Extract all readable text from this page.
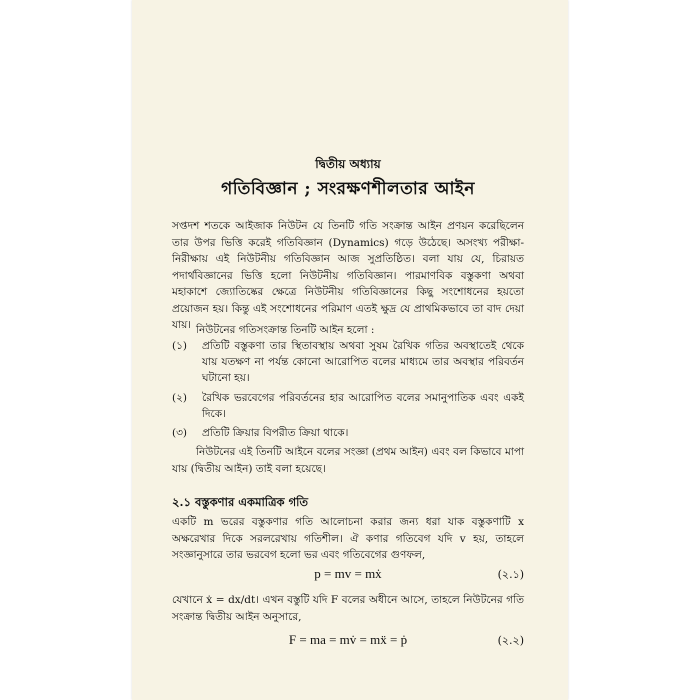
দ্বিতীয় অধ্যায়
গতিবিজ্ঞান ; সংরক্ষণশীলতার আইন
সপ্তদশ শতকে আইজাক নিউটন যে তিনটি গতি সংক্রান্ত আইন প্রণয়ন করেছিলেন তার উপর ভিত্তি করেই গতিবিজ্ঞান (Dynamics) গড়ে উঠেছে। অসংখ্য পরীক্ষা-নিরীক্ষায় এই নিউটনীয় গতিবিজ্ঞান আজ সুপ্রতিষ্ঠিত। বলা যায় যে, চিরায়ত পদার্থবিজ্ঞানের ভিত্তি হলো নিউটনীয় গতিবিজ্ঞান। পারমাণবিক বস্তুকণা অথবা মহাকাশে জ্যোতিষ্কের ক্ষেত্রে নিউটনীয় গতিবিজ্ঞানের কিছু সংশোধনের হয়তো প্রয়োজন হয়। কিন্তু এই সংশোধনের পরিমাণ এতই ক্ষুদ্র যে প্রাথমিকভাবে তা বাদ দেয়া যায়। নিউটনের গতিসংক্রান্ত তিনটি আইন হলো :
(১) প্রতিটি বস্তুকণা তার স্থিতাবস্থায় অথবা সুষম রৈখিক গতির অবস্থাতেই থেকে যায় যতক্ষণ না পর্যন্ত কোনো আরোপিত বলের মাধ্যমে তার অবস্থার পরিবর্তন ঘটানো হয়।
(২) রৈখিক ভরবেগের পরিবর্তনের হার আরোপিত বলের সমানুপাতিক এবং একই দিকে।
(৩) প্রতিটি ক্রিয়ার বিপরীত ক্রিয়া থাকে।
নিউটনের এই তিনটি আইনে বলের সংজ্ঞা (প্রথম আইন) এবং বল কিভাবে মাপা যায় (দ্বিতীয় আইন) তাই বলা হয়েছে।
২.১ বস্তুকণার একমাত্রিক গতি
একটি m ভরের বস্তুকণার গতি আলোচনা করার জন্য ধরা যাক বস্তুকণাটি x অক্ষরেখার দিকে সরলরেখায় গতিশীল। ঐ কণার গতিবেগ যদি v হয়, তাহলে সংজ্ঞানুসারে তার ভরবেগ হলো ভর এবং গতিবেগের গুণফল,
p = mv = mẋ	(২.১)
যেখানে ẋ = dx/dt। এখন বস্তুটি যদি F বলের অধীনে আসে, তাহলে নিউটনের গতি সংক্রান্ত দ্বিতীয় আইন অনুসারে,
F = ma = mv̇ = mẍ = ṗ	(২.২)
